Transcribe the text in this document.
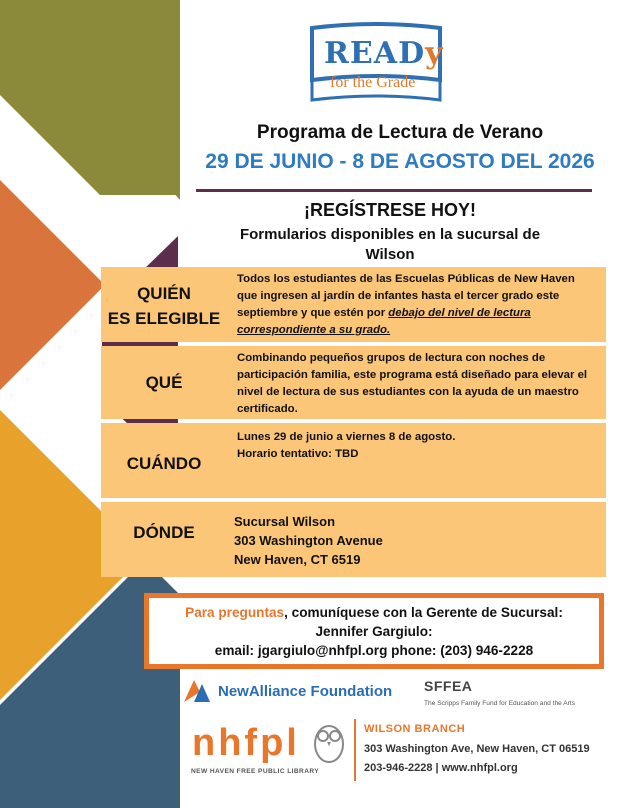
READy
for the Grade
Programa de Lectura de Verano
29 DE JUNIO - 8 DE AGOSTO DEL 2026
¡REGÍSTRESE HOY!
Formularios disponibles en la sucursal de
Wilson
QUIÉN
ES ELEGIBLE
Todos los estudiantes de las Escuelas Públicas de New Haven que ingresen al jardín de infantes hasta el tercer grado este septiembre y que estén por debajo del nivel de lectura correspondiente a su grado.
QUÉ
Combinando pequeños grupos de lectura con noches de participación familia, este programa está diseñado para elevar el nivel de lectura de sus estudiantes con la ayuda de un maestro certificado.
CUÁNDO
Lunes 29 de junio a viernes 8 de agosto.
Horario tentativo: TBD
DÓNDE
Sucursal Wilson
303 Washington Avenue
New Haven, CT 6519
Para preguntas, comuníquese con la Gerente de Sucursal:
Jennifer Gargiulo:
email: jgargiulo@nhfpl.org phone: (203) 946-2228
NewAlliance Foundation SFFEA
The Scripps Family Fund for Education and the Arts
nhfpl
NEW HAVEN FREE PUBLIC LIBRARY
WILSON BRANCH
303 Washington Ave, New Haven, CT 06519
203-946-2228 | www.nhfpl.org
